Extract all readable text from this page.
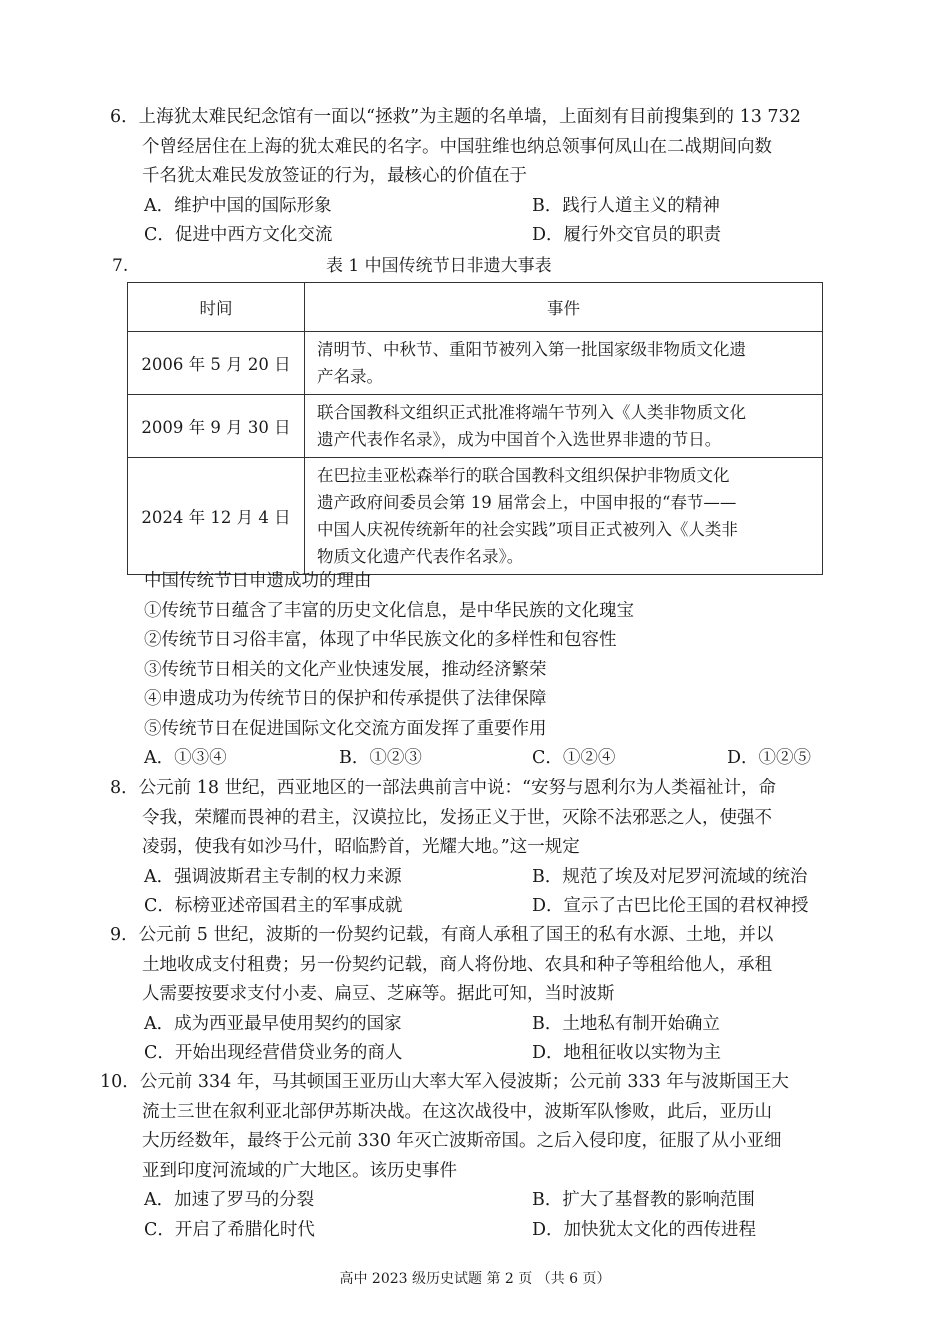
6．上海犹太难民纪念馆有一面以“拯救”为主题的名单墙，上面刻有目前搜集到的 13 732
个曾经居住在上海的犹太难民的名字。中国驻维也纳总领事何凤山在二战期间向数
千名犹太难民发放签证的行为，最核心的价值在于
A．维护中国的国际形象	B．践行人道主义的精神
C．促进中西方文化交流	D．履行外交官员的职责
7.	表 1 中国传统节日非遗大事表
时间	事件
2006 年 5 月 20 日	清明节、中秋节、重阳节被列入第一批国家级非物质文化遗
产名录。

2009 年 9 月 30 日	联合国教科文组织正式批准将端午节列入《人类非物质文化
遗产代表作名录》，成为中国首个入选世界非遗的节日。

2024 年 12 月 4 日	在巴拉圭亚松森举行的联合国教科文组织保护非物质文化
遗产政府间委员会第 19 届常会上，中国申报的“春节——
中国人庆祝传统新年的社会实践”项目正式被列入《人类非
物质文化遗产代表作名录》。
中国传统节日申遗成功的理由
①传统节日蕴含了丰富的历史文化信息，是中华民族的文化瑰宝
②传统节日习俗丰富，体现了中华民族文化的多样性和包容性
③传统节日相关的文化产业快速发展，推动经济繁荣
④申遗成功为传统节日的保护和传承提供了法律保障
⑤传统节日在促进国际文化交流方面发挥了重要作用
A．①③④	B．①②③	C．①②④	D．①②⑤
8．公元前 18 世纪，西亚地区的一部法典前言中说：“安努与恩利尔为人类福祉计，命
令我，荣耀而畏神的君主，汉谟拉比，发扬正义于世，灭除不法邪恶之人，使强不
凌弱，使我有如沙马什，昭临黔首，光耀大地。”这一规定
A．强调波斯君主专制的权力来源	B．规范了埃及对尼罗河流域的统治
C．标榜亚述帝国君主的军事成就	D．宣示了古巴比伦王国的君权神授
9．公元前 5 世纪，波斯的一份契约记载，有商人承租了国王的私有水源、土地，并以
土地收成支付租费；另一份契约记载，商人将份地、农具和种子等租给他人，承租
人需要按要求支付小麦、扁豆、芝麻等。据此可知，当时波斯
A．成为西亚最早使用契约的国家	B．土地私有制开始确立
C．开始出现经营借贷业务的商人	D．地租征收以实物为主
10．公元前 334 年，马其顿国王亚历山大率大军入侵波斯；公元前 333 年与波斯国王大
流士三世在叙利亚北部伊苏斯决战。在这次战役中，波斯军队惨败，此后，亚历山
大历经数年，最终于公元前 330 年灭亡波斯帝国。之后入侵印度，征服了从小亚细
亚到印度河流域的广大地区。该历史事件
A．加速了罗马的分裂	B．扩大了基督教的影响范围
C．开启了希腊化时代	D．加快犹太文化的西传进程
高中 2023 级历史试题 第 2 页 （共 6 页）
